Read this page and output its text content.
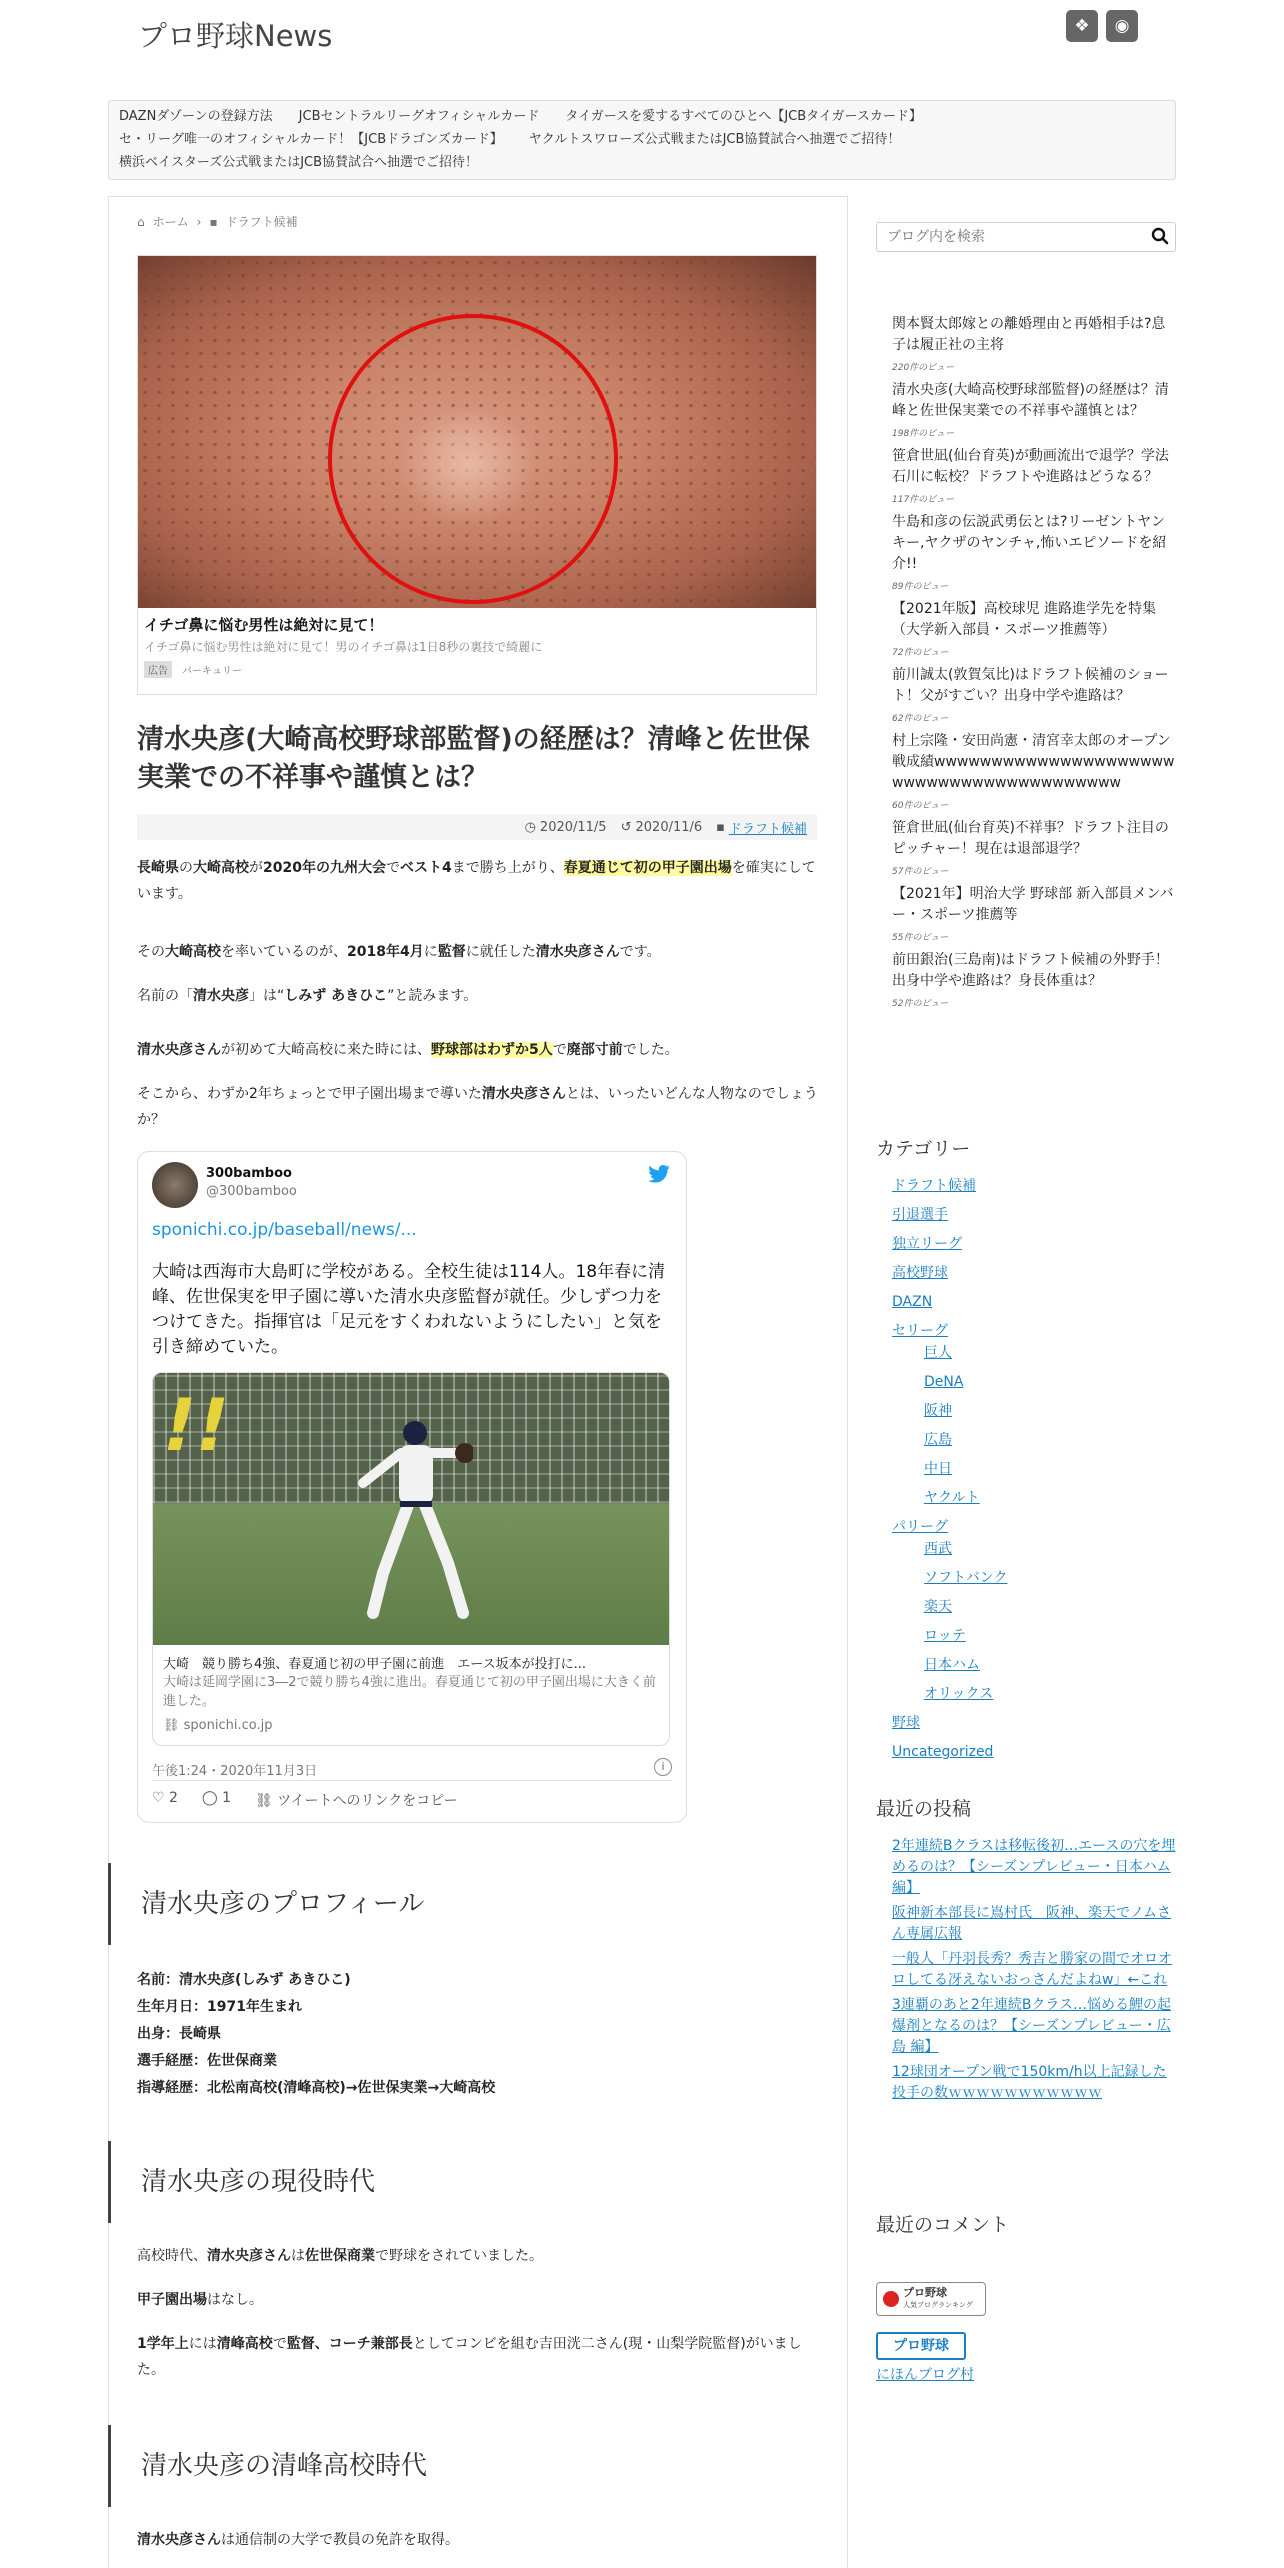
プロ野球News	❖	◉
DAZNダゾーンの登録方法 JCBセントラルリーグオフィシャルカード タイガースを愛するすべてのひとへ【JCBタイガースカード】
セ・リーグ唯一のオフィシャルカード！【JCBドラゴンズカード】 ヤクルトスワローズ公式戦またはJCB協賛試合へ抽選でご招待！
横浜ベイスターズ公式戦またはJCB協賛試合へ抽選でご招待！
⌂ ホーム › ▪ ドラフト候補
イチゴ鼻に悩む男性は絶対に見て！
イチゴ鼻に悩む男性は絶対に見て！男のイチゴ鼻は1日8秒の裏技で綺麗に
広告	パーキュリー
清水央彦(大崎高校野球部監督)の経歴は？清峰と佐世保実業での不祥事や謹慎とは？
◷ 2020/11/5 ↺ 2020/11/6 ▪ ドラフト候補

長崎県の大崎高校が2020年の九州大会でベスト4まで勝ち上がり、春夏通じて初の甲子園出場を確実にしています。

その大崎高校を率いているのが、2018年4月に監督に就任した清水央彦さんです。

名前の「清水央彦」は“しみず あきひこ”と読みます。

清水央彦さんが初めて大崎高校に来た時には、野球部はわずか5人で廃部寸前でした。

そこから、わずか2年ちょっとで甲子園出場まで導いた清水央彦さんとは、いったいどんな人物なのでしょうか？

300bamboo
@300bamboo
sponichi.co.jp/baseball/news/...
大崎は西海市大島町に学校がある。全校生徒は114人。18年春に清峰、佐世保実を甲子園に導いた清水央彦監督が就任。少しずつ力をつけてきた。指揮官は「足元をすくわれないようにしたい」と気を引き締めていた。
!!
大崎　競り勝ち4強、春夏通じ初の甲子園に前進　エース坂本が投打に...
大崎は延岡学園に3―2で競り勝ち4強に進出。春夏通じて初の甲子園出場に大きく前進した。
⛓ sponichi.co.jp
午後1:24・2020年11月3日	i
♡ 2 ◯ 1 ⛓ ツイートへのリンクをコピー
清水央彦のプロフィール
名前：清水央彦(しみず あきひこ)
生年月日：1971年生まれ
出身：長崎県
選手経歴：佐世保商業
指導経歴：北松南高校(清峰高校)→佐世保実業→大崎高校
清水央彦の現役時代

高校時代、清水央彦さんは佐世保商業で野球をされていました。

甲子園出場はなし。

1学年上には清峰高校で監督、コーチ兼部長としてコンビを組む吉田洸二さん(現・山梨学院監督)がいました。

清水央彦の清峰高校時代

清水央彦さんは通信制の大学で教員の免許を取得。

ブログ内を検索
関本賢太郎嫁との離婚理由と再婚相手は?息子は履正社の主将
220件のビュー
清水央彦(大崎高校野球部監督)の経歴は？清峰と佐世保実業での不祥事や謹慎とは？
198件のビュー
笹倉世凪(仙台育英)が動画流出で退学？学法石川に転校？ドラフトや進路はどうなる？
117件のビュー
牛島和彦の伝説武勇伝とは?リーゼントヤンキー,ヤクザのヤンチャ,怖いエピソードを紹介!!
89件のビュー
【2021年版】高校球児 進路進学先を特集（大学新入部員・スポーツ推薦等）
72件のビュー
前川誠太(敦賀気比)はドラフト候補のショート！父がすごい？出身中学や進路は？
62件のビュー
村上宗隆・安田尚憲・清宮幸太郎のオープン戦成績wwwwwwwwwwwwwwwwwwwwwwwwwwwwwwwwwwwwwwwww
60件のビュー
笹倉世凪(仙台育英)不祥事？ドラフト注目のピッチャー！現在は退部退学？
57件のビュー
【2021年】明治大学 野球部 新入部員メンバー・スポーツ推薦等
55件のビュー
前田銀治(三島南)はドラフト候補の外野手！出身中学や進路は？身長体重は？
52件のビュー
カテゴリー
ドラフト候補
引退選手
独立リーグ
高校野球
DAZN
セリーグ
巨人
DeNA
阪神
広島
中日
ヤクルト
パリーグ
西武
ソフトバンク
楽天
ロッテ
日本ハム
オリックス
野球
Uncategorized
最近の投稿
2年連続Bクラスは移転後初…エースの穴を埋めるのは？【シーズンプレビュー・日本ハム 編】
阪神新本部長に嶌村氏　阪神、楽天でノムさん専属広報
一般人「丹羽長秀？秀吉と勝家の間でオロオロしてる冴えないおっさんだよねw」←これ
3連覇のあと2年連続Bクラス…悩める鯉の起爆剤となるのは？【シーズンプレビュー・広島 編】
12球団オープン戦で150km/h以上記録した投手の数ｗｗｗｗｗｗｗｗｗｗｗ
最近のコメント
プロ野球
人気ブログランキング
プロ野球
にほんブログ村
